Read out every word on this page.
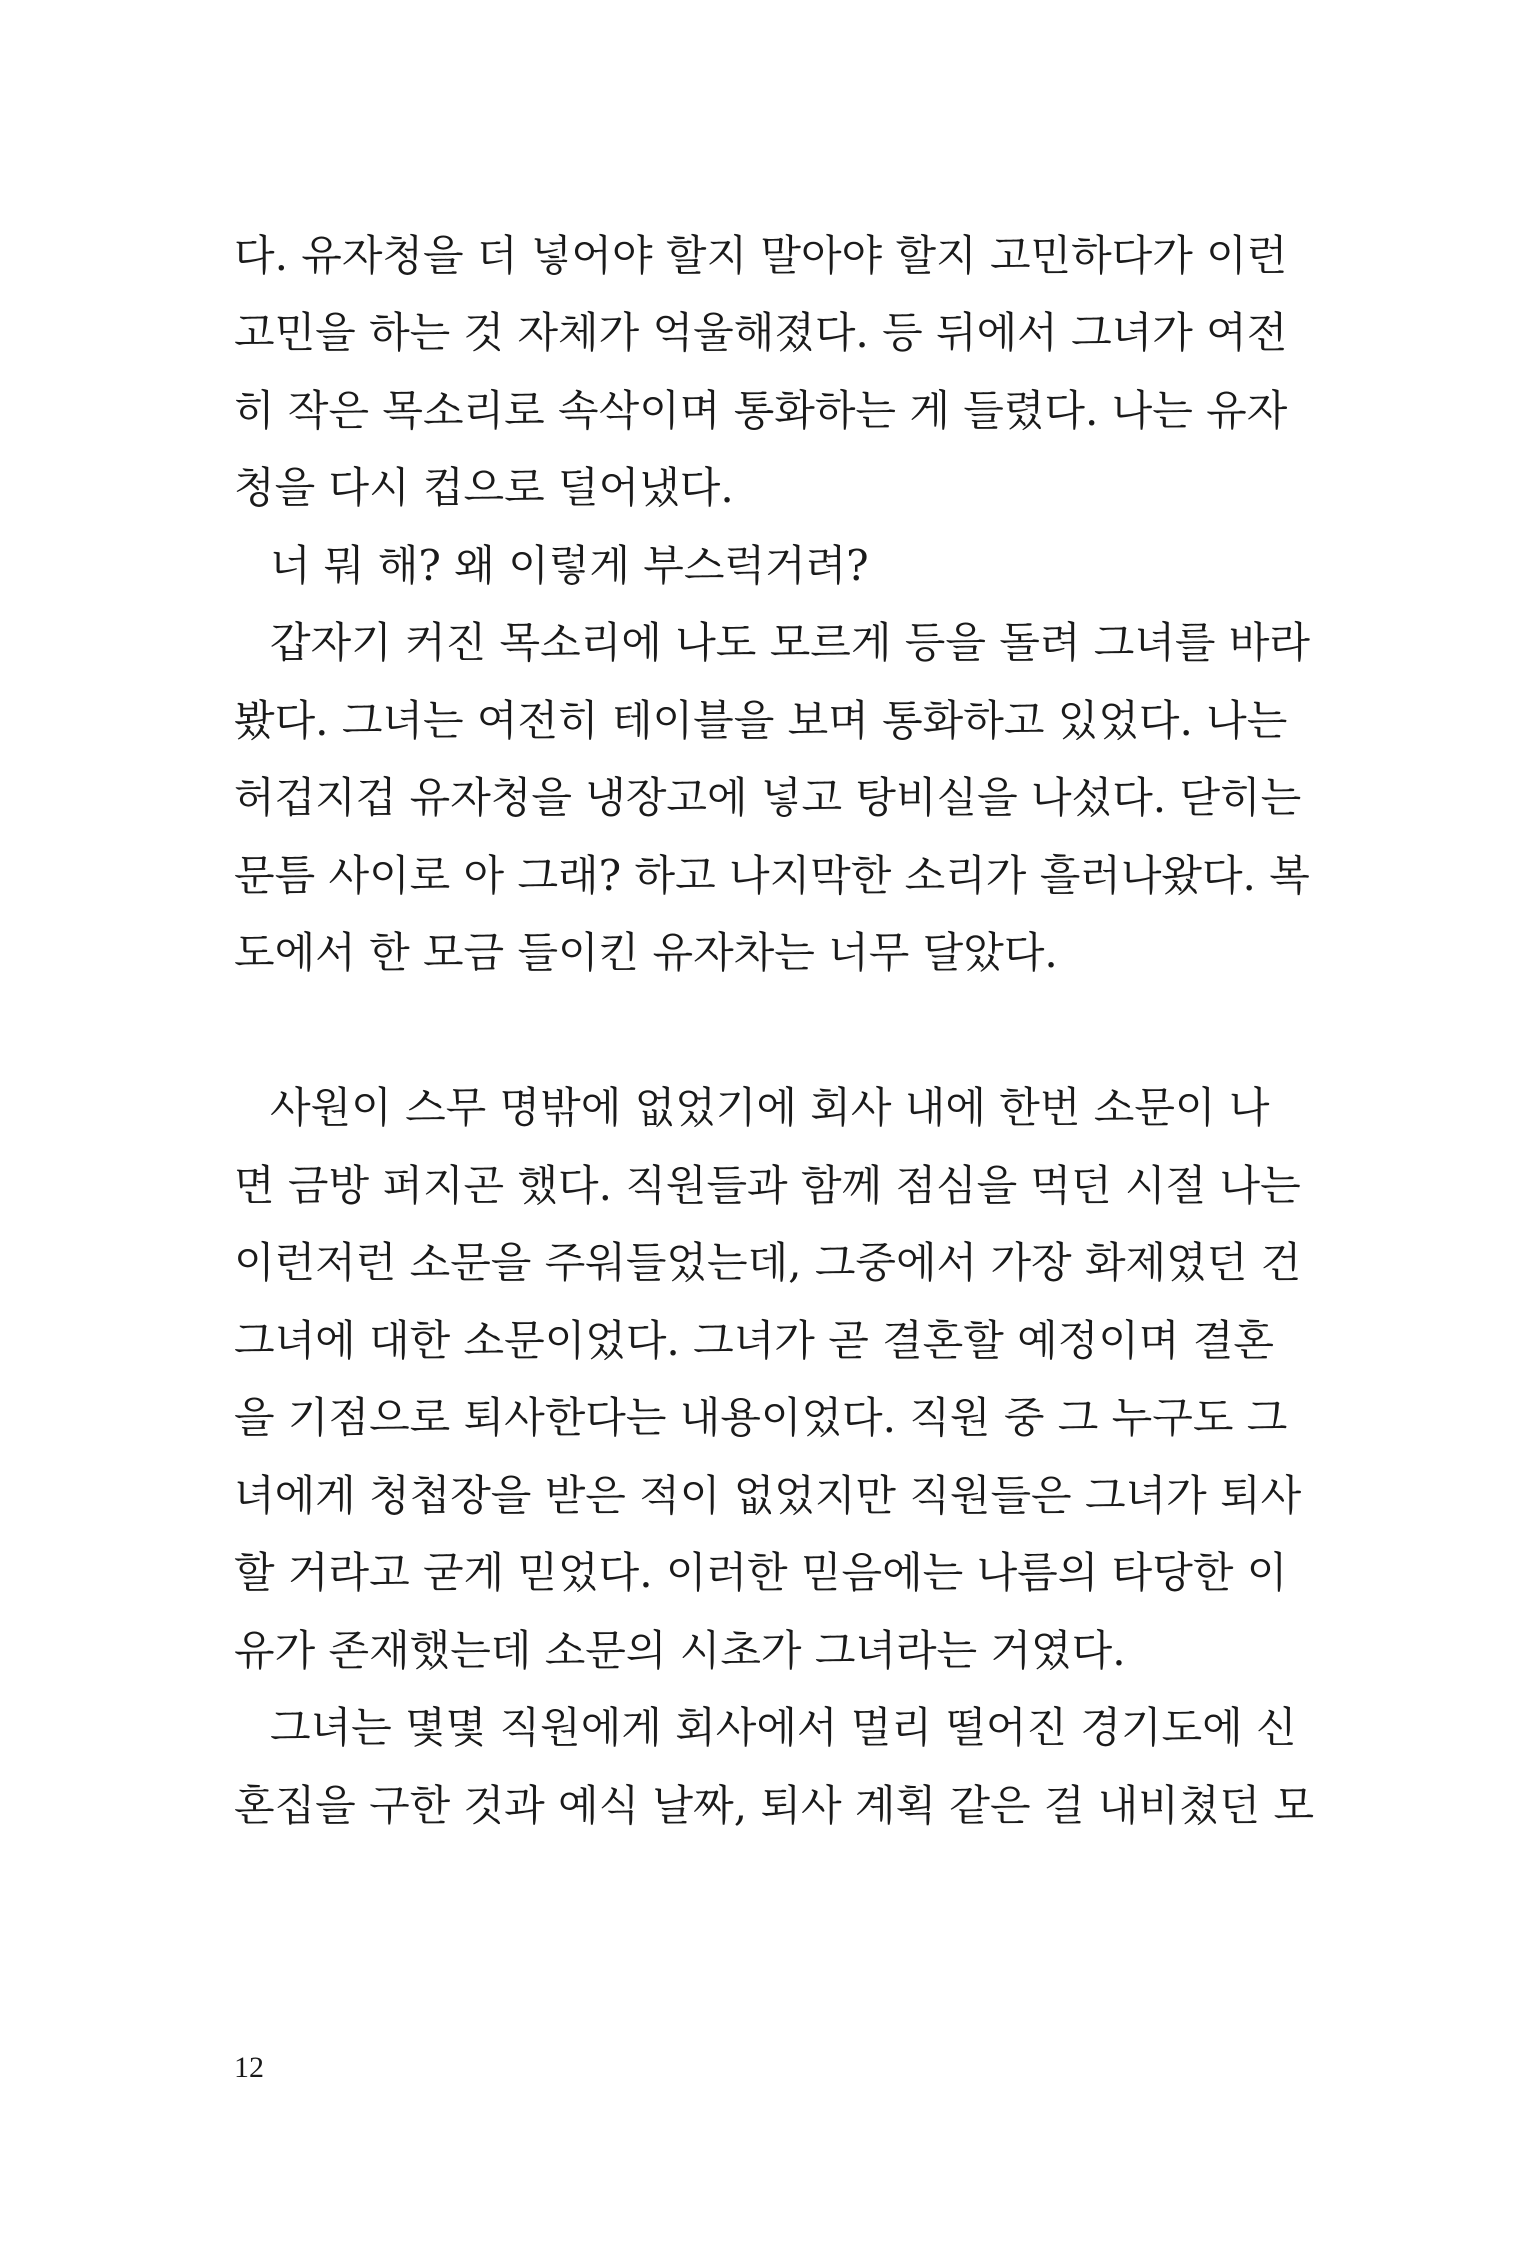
다. 유자청을 더 넣어야 할지 말아야 할지 고민하다가 이런
고민을 하는 것 자체가 억울해졌다. 등 뒤에서 그녀가 여전
히 작은 목소리로 속삭이며 통화하는 게 들렸다. 나는 유자
청을 다시 컵으로 덜어냈다.
너 뭐 해? 왜 이렇게 부스럭거려?
갑자기 커진 목소리에 나도 모르게 등을 돌려 그녀를 바라
봤다. 그녀는 여전히 테이블을 보며 통화하고 있었다. 나는
허겁지겁 유자청을 냉장고에 넣고 탕비실을 나섰다. 닫히는
문틈 사이로 아 그래? 하고 나지막한 소리가 흘러나왔다. 복
도에서 한 모금 들이킨 유자차는 너무 달았다.
사원이 스무 명밖에 없었기에 회사 내에 한번 소문이 나
면 금방 퍼지곤 했다. 직원들과 함께 점심을 먹던 시절 나는
이런저런 소문을 주워들었는데, 그중에서 가장 화제였던 건
그녀에 대한 소문이었다. 그녀가 곧 결혼할 예정이며 결혼
을 기점으로 퇴사한다는 내용이었다. 직원 중 그 누구도 그
녀에게 청첩장을 받은 적이 없었지만 직원들은 그녀가 퇴사
할 거라고 굳게 믿었다. 이러한 믿음에는 나름의 타당한 이
유가 존재했는데 소문의 시초가 그녀라는 거였다.
그녀는 몇몇 직원에게 회사에서 멀리 떨어진 경기도에 신
혼집을 구한 것과 예식 날짜, 퇴사 계획 같은 걸 내비쳤던 모
12
